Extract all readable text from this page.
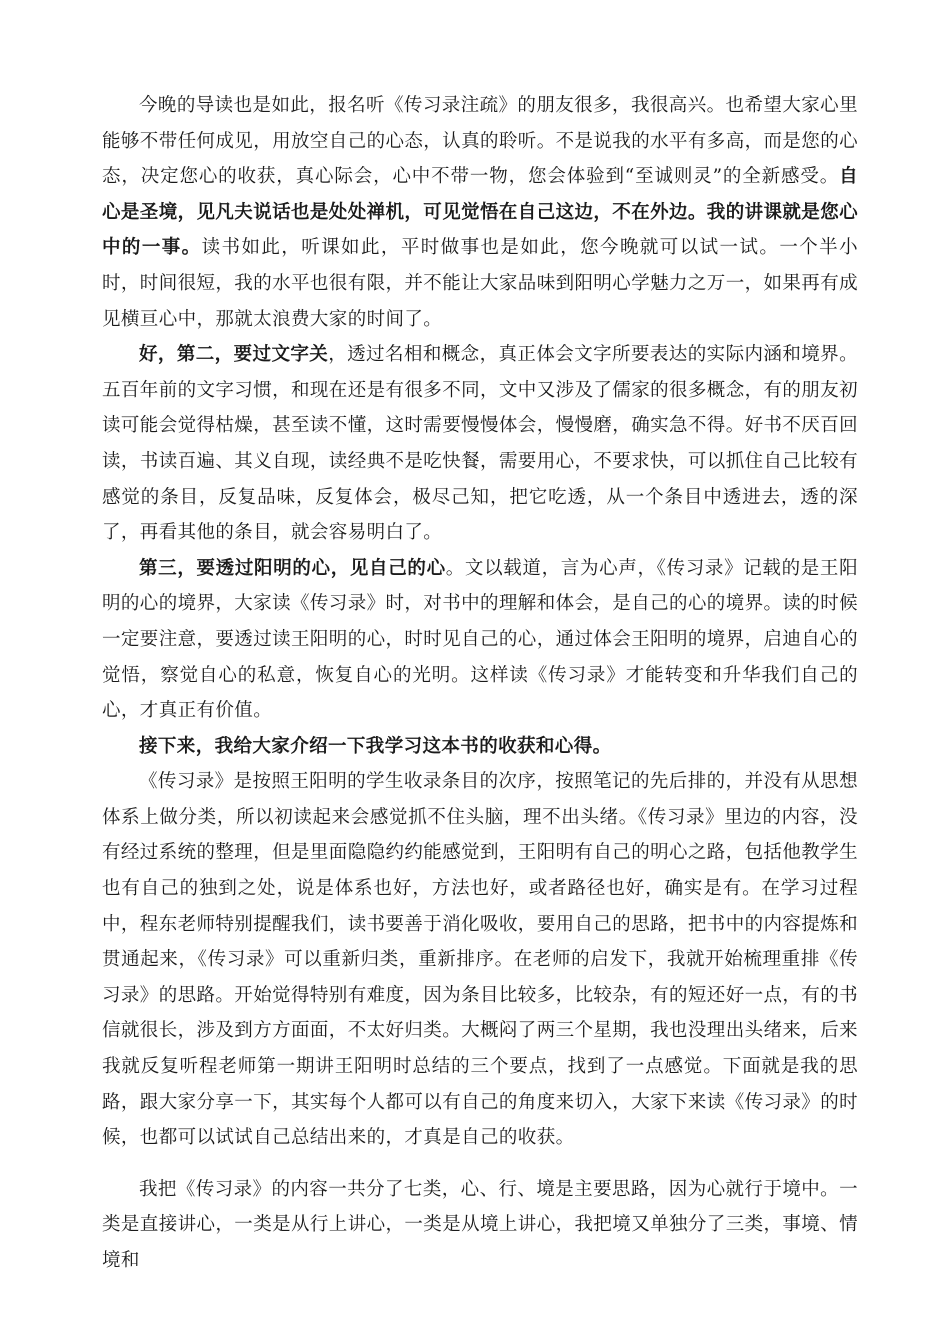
今晚的导读也是如此，报名听《传习录注疏》的朋友很多，我很高兴。也希望大家心里能够不带任何成见，用放空自己的心态，认真的聆听。不是说我的水平有多高，而是您的心态，决定您心的收获，真心际会，心中不带一物，您会体验到“至诚则灵”的全新感受。自心是圣境，见凡夫说话也是处处禅机，可见觉悟在自己这边，不在外边。我的讲课就是您心中的一事。读书如此，听课如此，平时做事也是如此，您今晚就可以试一试。一个半小时，时间很短，我的水平也很有限，并不能让大家品味到阳明心学魅力之万一，如果再有成见横亘心中，那就太浪费大家的时间了。

好，第二，要过文字关，透过名相和概念，真正体会文字所要表达的实际内涵和境界。五百年前的文字习惯，和现在还是有很多不同，文中又涉及了儒家的很多概念，有的朋友初读可能会觉得枯燥，甚至读不懂，这时需要慢慢体会，慢慢磨，确实急不得。好书不厌百回读，书读百遍、其义自现，读经典不是吃快餐，需要用心，不要求快，可以抓住自己比较有感觉的条目，反复品味，反复体会，极尽己知，把它吃透，从一个条目中透进去，透的深了，再看其他的条目，就会容易明白了。

第三，要透过阳明的心，见自己的心。文以载道，言为心声，《传习录》记载的是王阳明的心的境界，大家读《传习录》时，对书中的理解和体会，是自己的心的境界。读的时候一定要注意，要透过读王阳明的心，时时见自己的心，通过体会王阳明的境界，启迪自心的觉悟，察觉自心的私意，恢复自心的光明。这样读《传习录》才能转变和升华我们自己的心，才真正有价值。

接下来，我给大家介绍一下我学习这本书的收获和心得。

《传习录》是按照王阳明的学生收录条目的次序，按照笔记的先后排的，并没有从思想体系上做分类，所以初读起来会感觉抓不住头脑，理不出头绪。《传习录》里边的内容，没有经过系统的整理，但是里面隐隐约约能感觉到，王阳明有自己的明心之路，包括他教学生也有自己的独到之处，说是体系也好，方法也好，或者路径也好，确实是有。在学习过程中，程东老师特别提醒我们，读书要善于消化吸收，要用自己的思路，把书中的内容提炼和贯通起来，《传习录》可以重新归类，重新排序。在老师的启发下，我就开始梳理重排《传习录》的思路。开始觉得特别有难度，因为条目比较多，比较杂，有的短还好一点，有的书信就很长，涉及到方方面面，不太好归类。大概闷了两三个星期，我也没理出头绪来，后来我就反复听程老师第一期讲王阳明时总结的三个要点，找到了一点感觉。下面就是我的思路，跟大家分享一下，其实每个人都可以有自己的角度来切入，大家下来读《传习录》的时候，也都可以试试自己总结出来的，才真是自己的收获。

我把《传习录》的内容一共分了七类，心、行、境是主要思路，因为心就行于境中。一类是直接讲心，一类是从行上讲心，一类是从境上讲心，我把境又单独分了三类，事境、情境和
